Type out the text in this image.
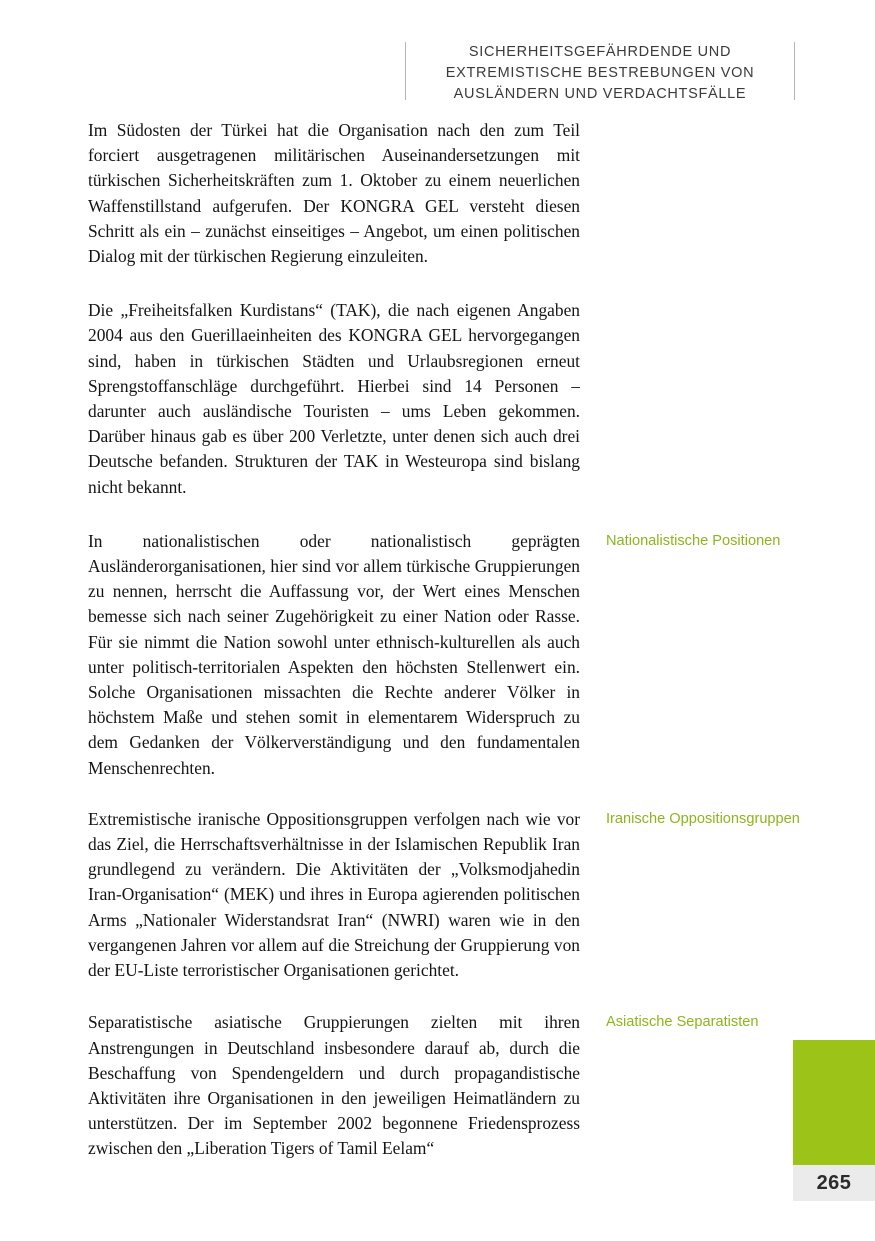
SICHERHEITSGEFÄHRDENDE UND
EXTREMISTISCHE BESTREBUNGEN VON
AUSLÄNDERN UND VERDACHTSFÄLLE

Im Südosten der Türkei hat die Organisation nach den zum Teil forciert ausgetragenen militärischen Auseinandersetzungen mit türkischen Sicherheitskräften zum 1. Oktober zu einem neuerlichen Waffenstillstand aufgerufen. Der KONGRA GEL versteht diesen Schritt als ein – zunächst einseitiges – Angebot, um einen politischen Dialog mit der türkischen Regierung einzuleiten.

Die „Freiheitsfalken Kurdistans“ (TAK), die nach eigenen Angaben 2004 aus den Guerillaeinheiten des KONGRA GEL hervorgegangen sind, haben in türkischen Städten und Urlaubsregionen erneut Sprengstoffanschläge durchgeführt. Hierbei sind 14 Personen – darunter auch ausländische Touristen – ums Leben gekommen. Darüber hinaus gab es über 200 Verletzte, unter denen sich auch drei Deutsche befanden. Strukturen der TAK in Westeuropa sind bislang nicht bekannt.

In nationalistischen oder nationalistisch geprägten Ausländerorganisationen, hier sind vor allem türkische Gruppierungen zu nennen, herrscht die Auffassung vor, der Wert eines Menschen bemesse sich nach seiner Zugehörigkeit zu einer Nation oder Rasse. Für sie nimmt die Nation sowohl unter ethnisch-kulturellen als auch unter politisch-territorialen Aspekten den höchsten Stellenwert ein. Solche Organisationen missachten die Rechte anderer Völker in höchstem Maße und stehen somit in elementarem Widerspruch zu dem Gedanken der Völkerverständigung und den fundamentalen Menschenrechten.

Nationalistische Positionen

Extremistische iranische Oppositionsgruppen verfolgen nach wie vor das Ziel, die Herrschaftsverhältnisse in der Islamischen Republik Iran grundlegend zu verändern. Die Aktivitäten der „Volksmodjahedin Iran-Organisation“ (MEK) und ihres in Europa agierenden politischen Arms „Nationaler Widerstandsrat Iran“ (NWRI) waren wie in den vergangenen Jahren vor allem auf die Streichung der Gruppierung von der EU-Liste terroristischer Organisationen gerichtet.

Iranische Oppositionsgruppen

Separatistische asiatische Gruppierungen zielten mit ihren Anstrengungen in Deutschland insbesondere darauf ab, durch die Beschaffung von Spendengeldern und durch propagandistische Aktivitäten ihre Organisationen in den jeweiligen Heimatländern zu unterstützen. Der im September 2002 begonnene Friedensprozess zwischen den „Liberation Tigers of Tamil Eelam“

Asiatische Separatisten
265
